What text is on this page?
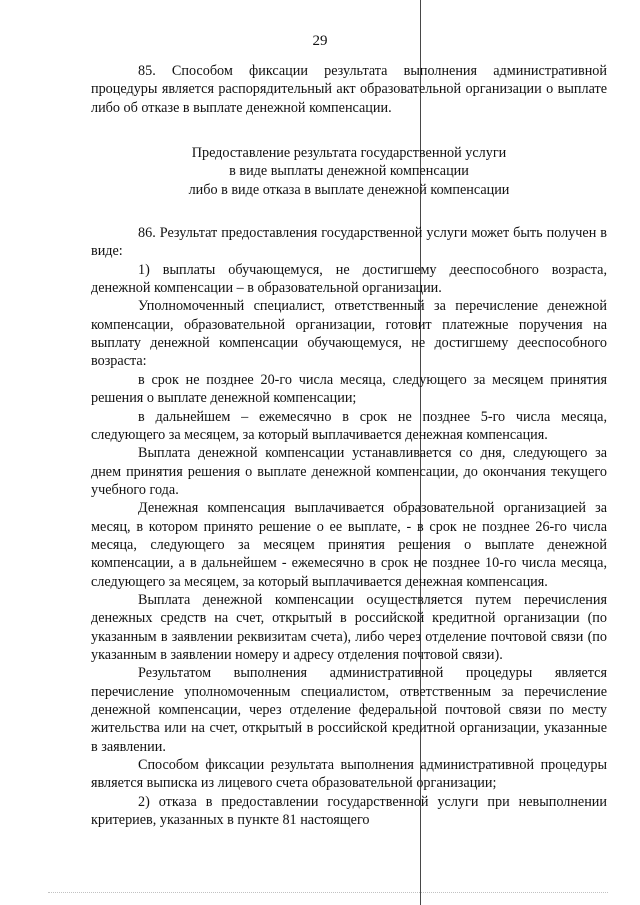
29

85. Способом фиксации результата выполнения административной процедуры является распорядительный акт образовательной организации о выплате либо об отказе в выплате денежной компенсации.

Предоставление результата государственной услуги
в виде выплаты денежной компенсации
либо в виде отказа в выплате денежной компенсации

86. Результат предоставления государственной услуги может быть получен в виде:

1) выплаты обучающемуся, не достигшему дееспособного возраста, денежной компенсации – в образовательной организации.

Уполномоченный специалист, ответственный за перечисление денежной компенсации, образовательной организации, готовит платежные поручения на выплату денежной компенсации обучающемуся, не достигшему дееспособного возраста:

в срок не позднее 20-го числа месяца, следующего за месяцем принятия решения о выплате денежной компенсации;

в дальнейшем – ежемесячно в срок не позднее 5-го числа месяца, следующего за месяцем, за который выплачивается денежная компенсация.

Выплата денежной компенсации устанавливается со дня, следующего за днем принятия решения о выплате денежной компенсации, до окончания текущего учебного года.

Денежная компенсация выплачивается образовательной организацией за месяц, в котором принято решение о ее выплате, - в срок не позднее 26-го числа месяца, следующего за месяцем принятия решения о выплате денежной компенсации, а в дальнейшем - ежемесячно в срок не позднее 10-го числа месяца, следующего за месяцем, за который выплачивается денежная компенсация.

Выплата денежной компенсации осуществляется путем перечисления денежных средств на счет, открытый в российской кредитной организации (по указанным в заявлении реквизитам счета), либо через отделение почтовой связи (по указанным в заявлении номеру и адресу отделения почтовой связи).

Результатом выполнения административной процедуры является перечисление уполномоченным специалистом, ответственным за перечисление денежной компенсации, через отделение федеральной почтовой связи по месту жительства или на счет, открытый в российской кредитной организации, указанные в заявлении.

Способом фиксации результата выполнения административной процедуры является выписка из лицевого счета образовательной организации;

2) отказа в предоставлении государственной услуги при невыполнении критериев, указанных в пункте 81 настоящего
